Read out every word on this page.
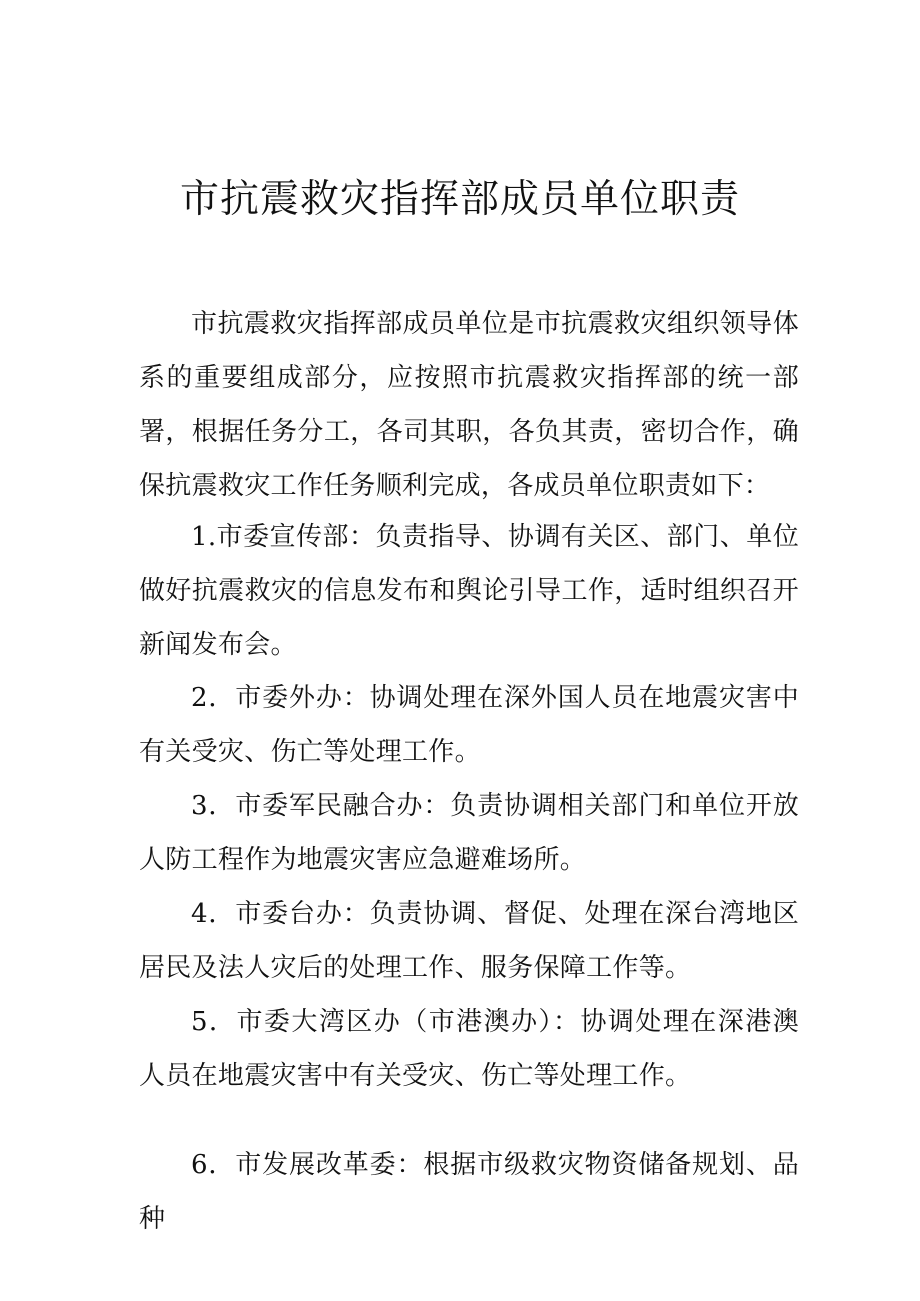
市抗震救灾指挥部成员单位职责

市抗震救灾指挥部成员单位是市抗震救灾组织领导体系的重要组成部分，应按照市抗震救灾指挥部的统一部署，根据任务分工，各司其职，各负其责，密切合作，确保抗震救灾工作任务顺利完成，各成员单位职责如下：

1.市委宣传部：负责指导、协调有关区、部门、单位做好抗震救灾的信息发布和舆论引导工作，适时组织召开新闻发布会。

2．市委外办：协调处理在深外国人员在地震灾害中有关受灾、伤亡等处理工作。

3．市委军民融合办：负责协调相关部门和单位开放人防工程作为地震灾害应急避难场所。

4．市委台办：负责协调、督促、处理在深台湾地区居民及法人灾后的处理工作、服务保障工作等。

5．市委大湾区办（市港澳办）：协调处理在深港澳人员在地震灾害中有关受灾、伤亡等处理工作。

6．市发展改革委：根据市级救灾物资储备规划、品种
